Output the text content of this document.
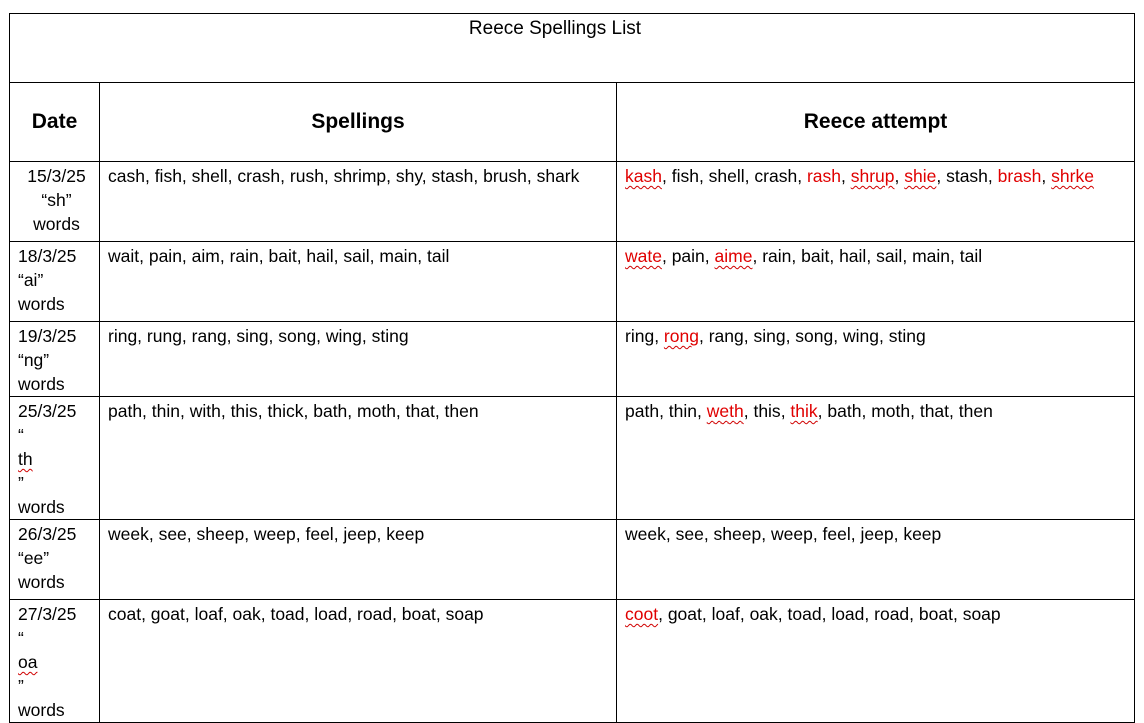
Reece Spellings List		

Date	Spellings	Reece attempt

15/3/25
“sh”
words	cash, fish, shell, crash, rush, shrimp, shy, stash, brush, shark	kash, fish, shell, crash, rash, shrup, shie, stash, brash, shrke

18/3/25
“ai”
words	wait, pain, aim, rain, bait, hail, sail, main, tail	wate, pain, aime, rain, bait, hail, sail, main, tail

19/3/25
“ng”
words	ring, rung, rang, sing, song, wing, sting	ring, rong, rang, sing, song, wing, sting

25/3/25
“
th
”
words	path, thin, with, this, thick, bath, moth, that, then	path, thin, weth, this, thik, bath, moth, that, then

26/3/25
“ee”
words	week, see, sheep, weep, feel, jeep, keep	week, see, sheep, weep, feel, jeep, keep

27/3/25
“
oa
”
words	coat, goat, loaf, oak, toad, load, road, boat, soap	coot, goat, loaf, oak, toad, load, road, boat, soap
